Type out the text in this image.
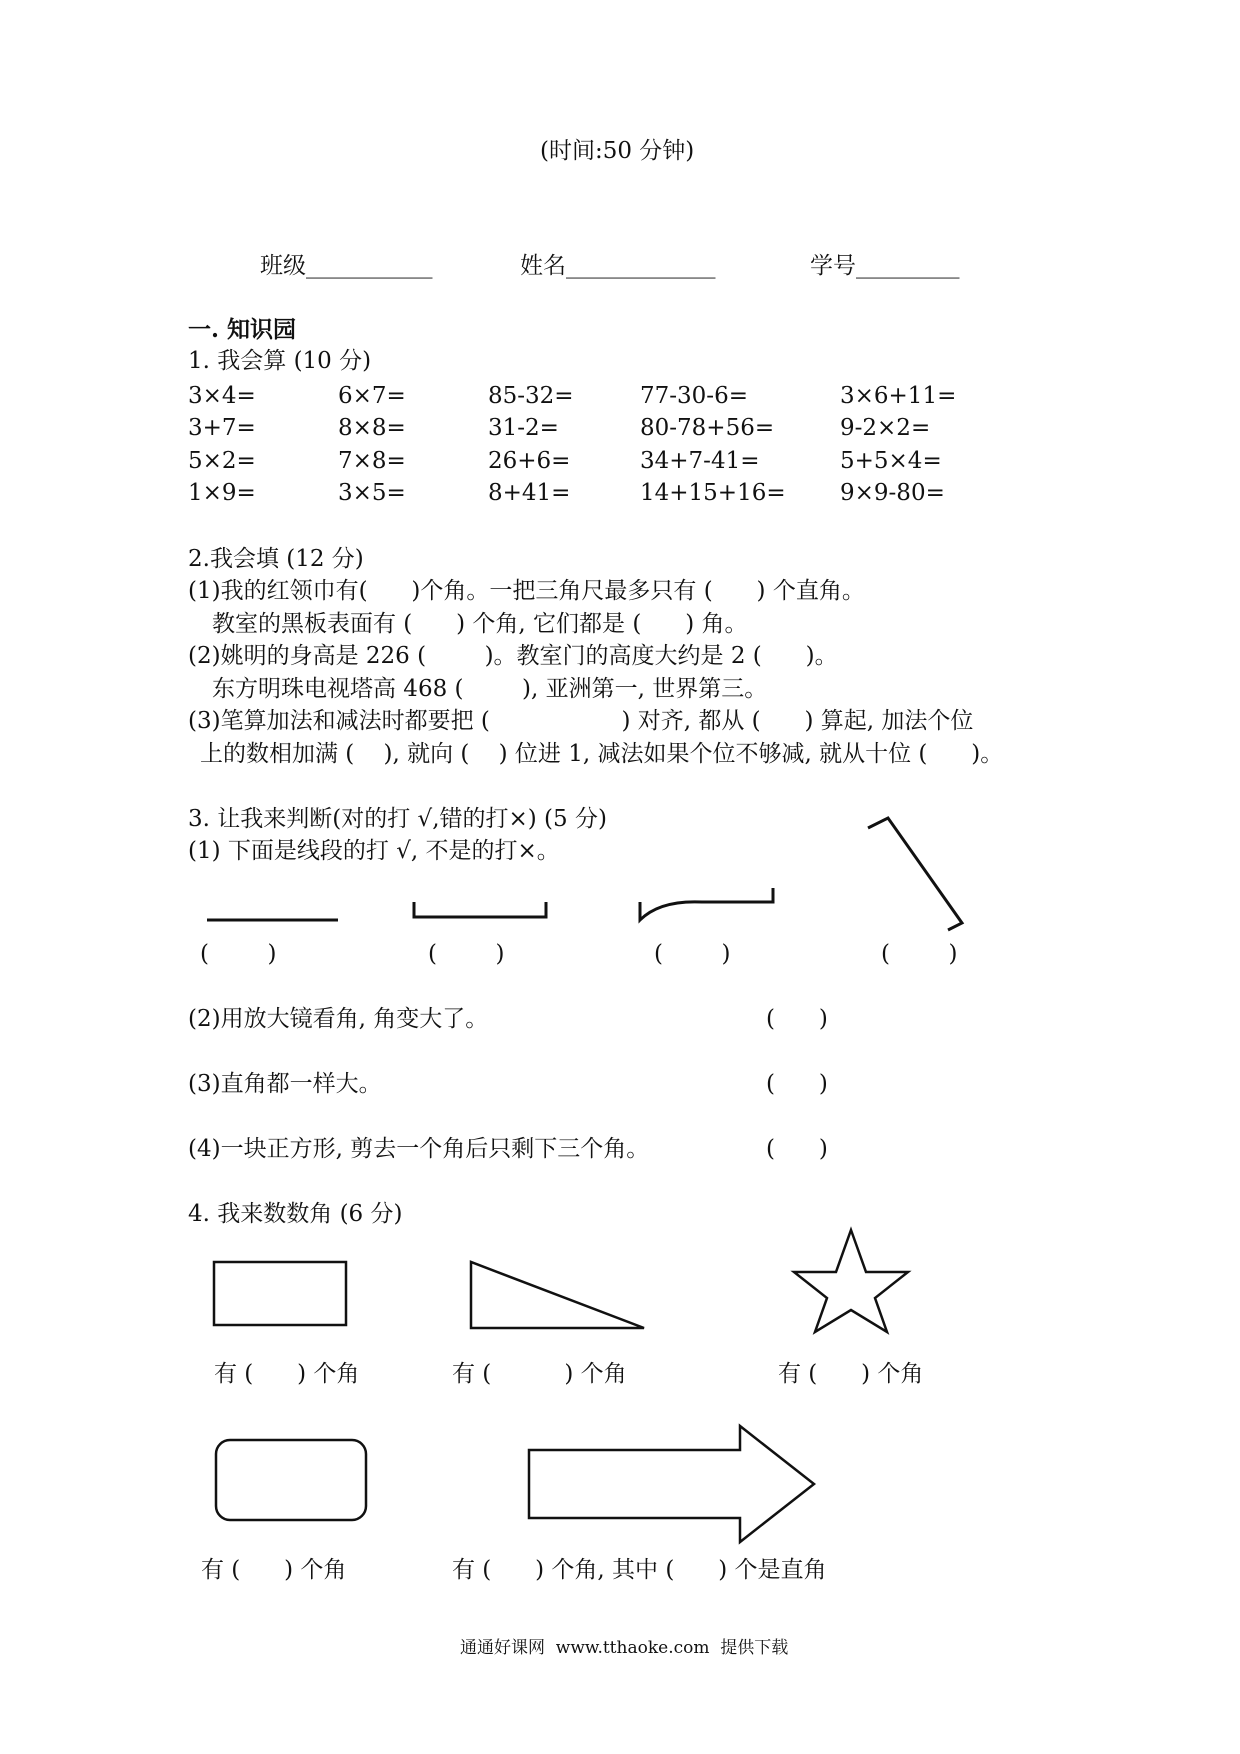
(时间:50 分钟)
班级___________	姓名_____________	学号_________
一. 知识园
1. 我会算 (10 分)
3×4=	6×7=	85-32=	77-30-6=	3×6+11=
3+7=	8×8=	31-2=	80-78+56=	9-2×2=
5×2=	7×8=	26+6=	34+7-41=	5+5×4=
1×9=	3×5=	8+41=	14+15+16= 9×9-80=
2.我会填 (12 分)
(1)我的红领巾有(      )个角。一把三角尺最多只有 (      ) 个直角。
教室的黑板表面有 (      ) 个角, 它们都是 (      ) 角。
(2)姚明的身高是 226 (        )。教室门的高度大约是 2 (      )。
东方明珠电视塔高 468 (        ), 亚洲第一, 世界第三。
(3)笔算加法和减法时都要把 (                  ) 对齐, 都从 (      ) 算起, 加法个位
上的数相加满 (    ), 就向 (    ) 位进 1, 减法如果个位不够减, 就从十位 (      )。
3. 让我来判断(对的打 √,错的打×) (5 分)
(1) 下面是线段的打 √, 不是的打×。
(        )	(        )	(        )	(        )
(2)用放大镜看角, 角变大了。	(      )
(3)直角都一样大。	(      )
(4)一块正方形, 剪去一个角后只剩下三个角。	(      )
4. 我来数数角 (6 分)
有 (      ) 个角	有 (          ) 个角	有 (      ) 个角
有 (      ) 个角	有 (      ) 个角, 其中 (      ) 个是直角
通通好课网  www.tthaoke.com  提供下载
